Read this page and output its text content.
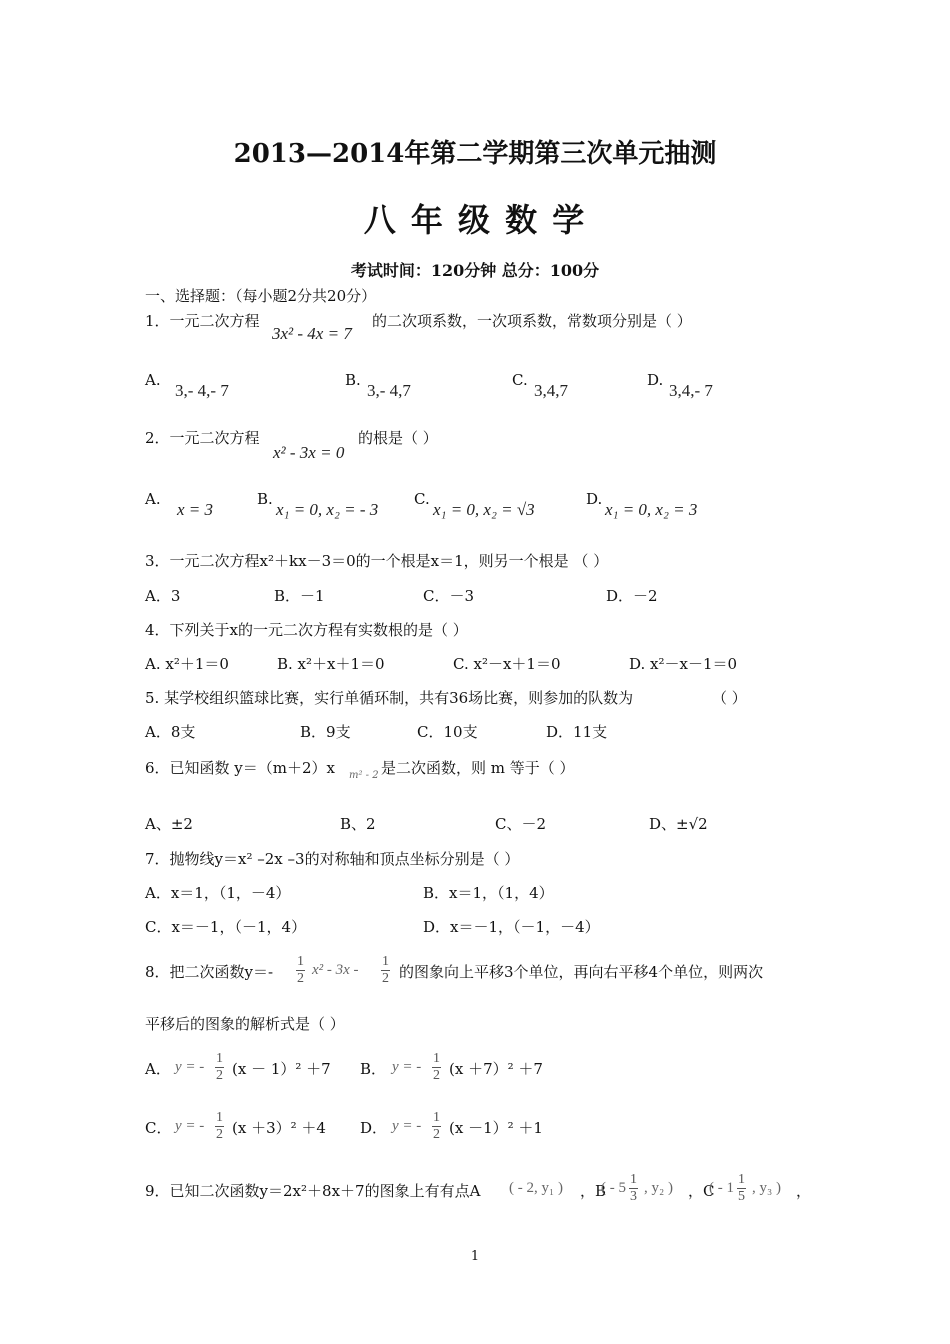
2013—2014年第二学期第三次单元抽测
八 年 级 数 学
考试时间：120分钟 总分：100分
一、选择题：（每小题2分共20分）
1．一元二次方程
3x² - 4x = 7
的二次项系数，一次项系数，常数项分别是（ ）
A.
3,- 4,- 7
B.
3,- 4,7
C.
3,4,7
D.
3,4,- 7
2．一元二次方程
x² - 3x = 0
的根是（ ）
A.
x = 3
B.
x₁ = 0, x₂ = - 3
C.
x₁ = 0, x₂ = √3
D.
x₁ = 0, x₂ = 3
3．一元二次方程x²＋kx－3＝0的一个根是x＝1，则另一个根是 （ ）
A．3	B．－1	C．－3	D．－2
4．下列关于x的一元二次方程有实数根的是（ ）
A. x²＋1＝0	B. x²＋x＋1＝0	C. x²－x＋1＝0	D. x²－x－1＝0
5. 某学校组织篮球比赛，实行单循环制，共有36场比赛，则参加的队数为	（ ）
A．8支	B．9支	C．10支	D．11支
6．已知函数 y＝（m＋2）x m² - 2 是二次函数，则 m 等于（ ）
A、±2	B、2	C、－2	D、±√2
7．抛物线y＝x² –2x –3的对称轴和顶点坐标分别是（ ）
A．x＝1，（1，－4）	B．x＝1，（1，4）
C．x＝－1，（－1，4）	D．x＝－1，（－1，－4）
8．把二次函数$y=- \frac{1}{2} x^2 - 3x - \frac{1}{2}$ 的图象向上平移3个单位，再向右平移4个单位，则两次
平移后的图象的解析式是（ ）
A． y = - $\frac{1}{2} (x - 1)^2 +7$ B． y = - $\frac{1}{2} (x +7)^2 +7$
C． y = - $\frac{1}{2} (x +3)^2 +4$ D． y = - $\frac{1}{2} (x -1)^2 +1$
9．已知二次函数y＝2x²＋8x＋7的图象上有有点A ( - 2, y₁ ) ，B
( - $5 \frac{1}{3}$ , y₂ ) ，C
( - $1 \frac{1}{5}$ , y₃ ) ，
1
